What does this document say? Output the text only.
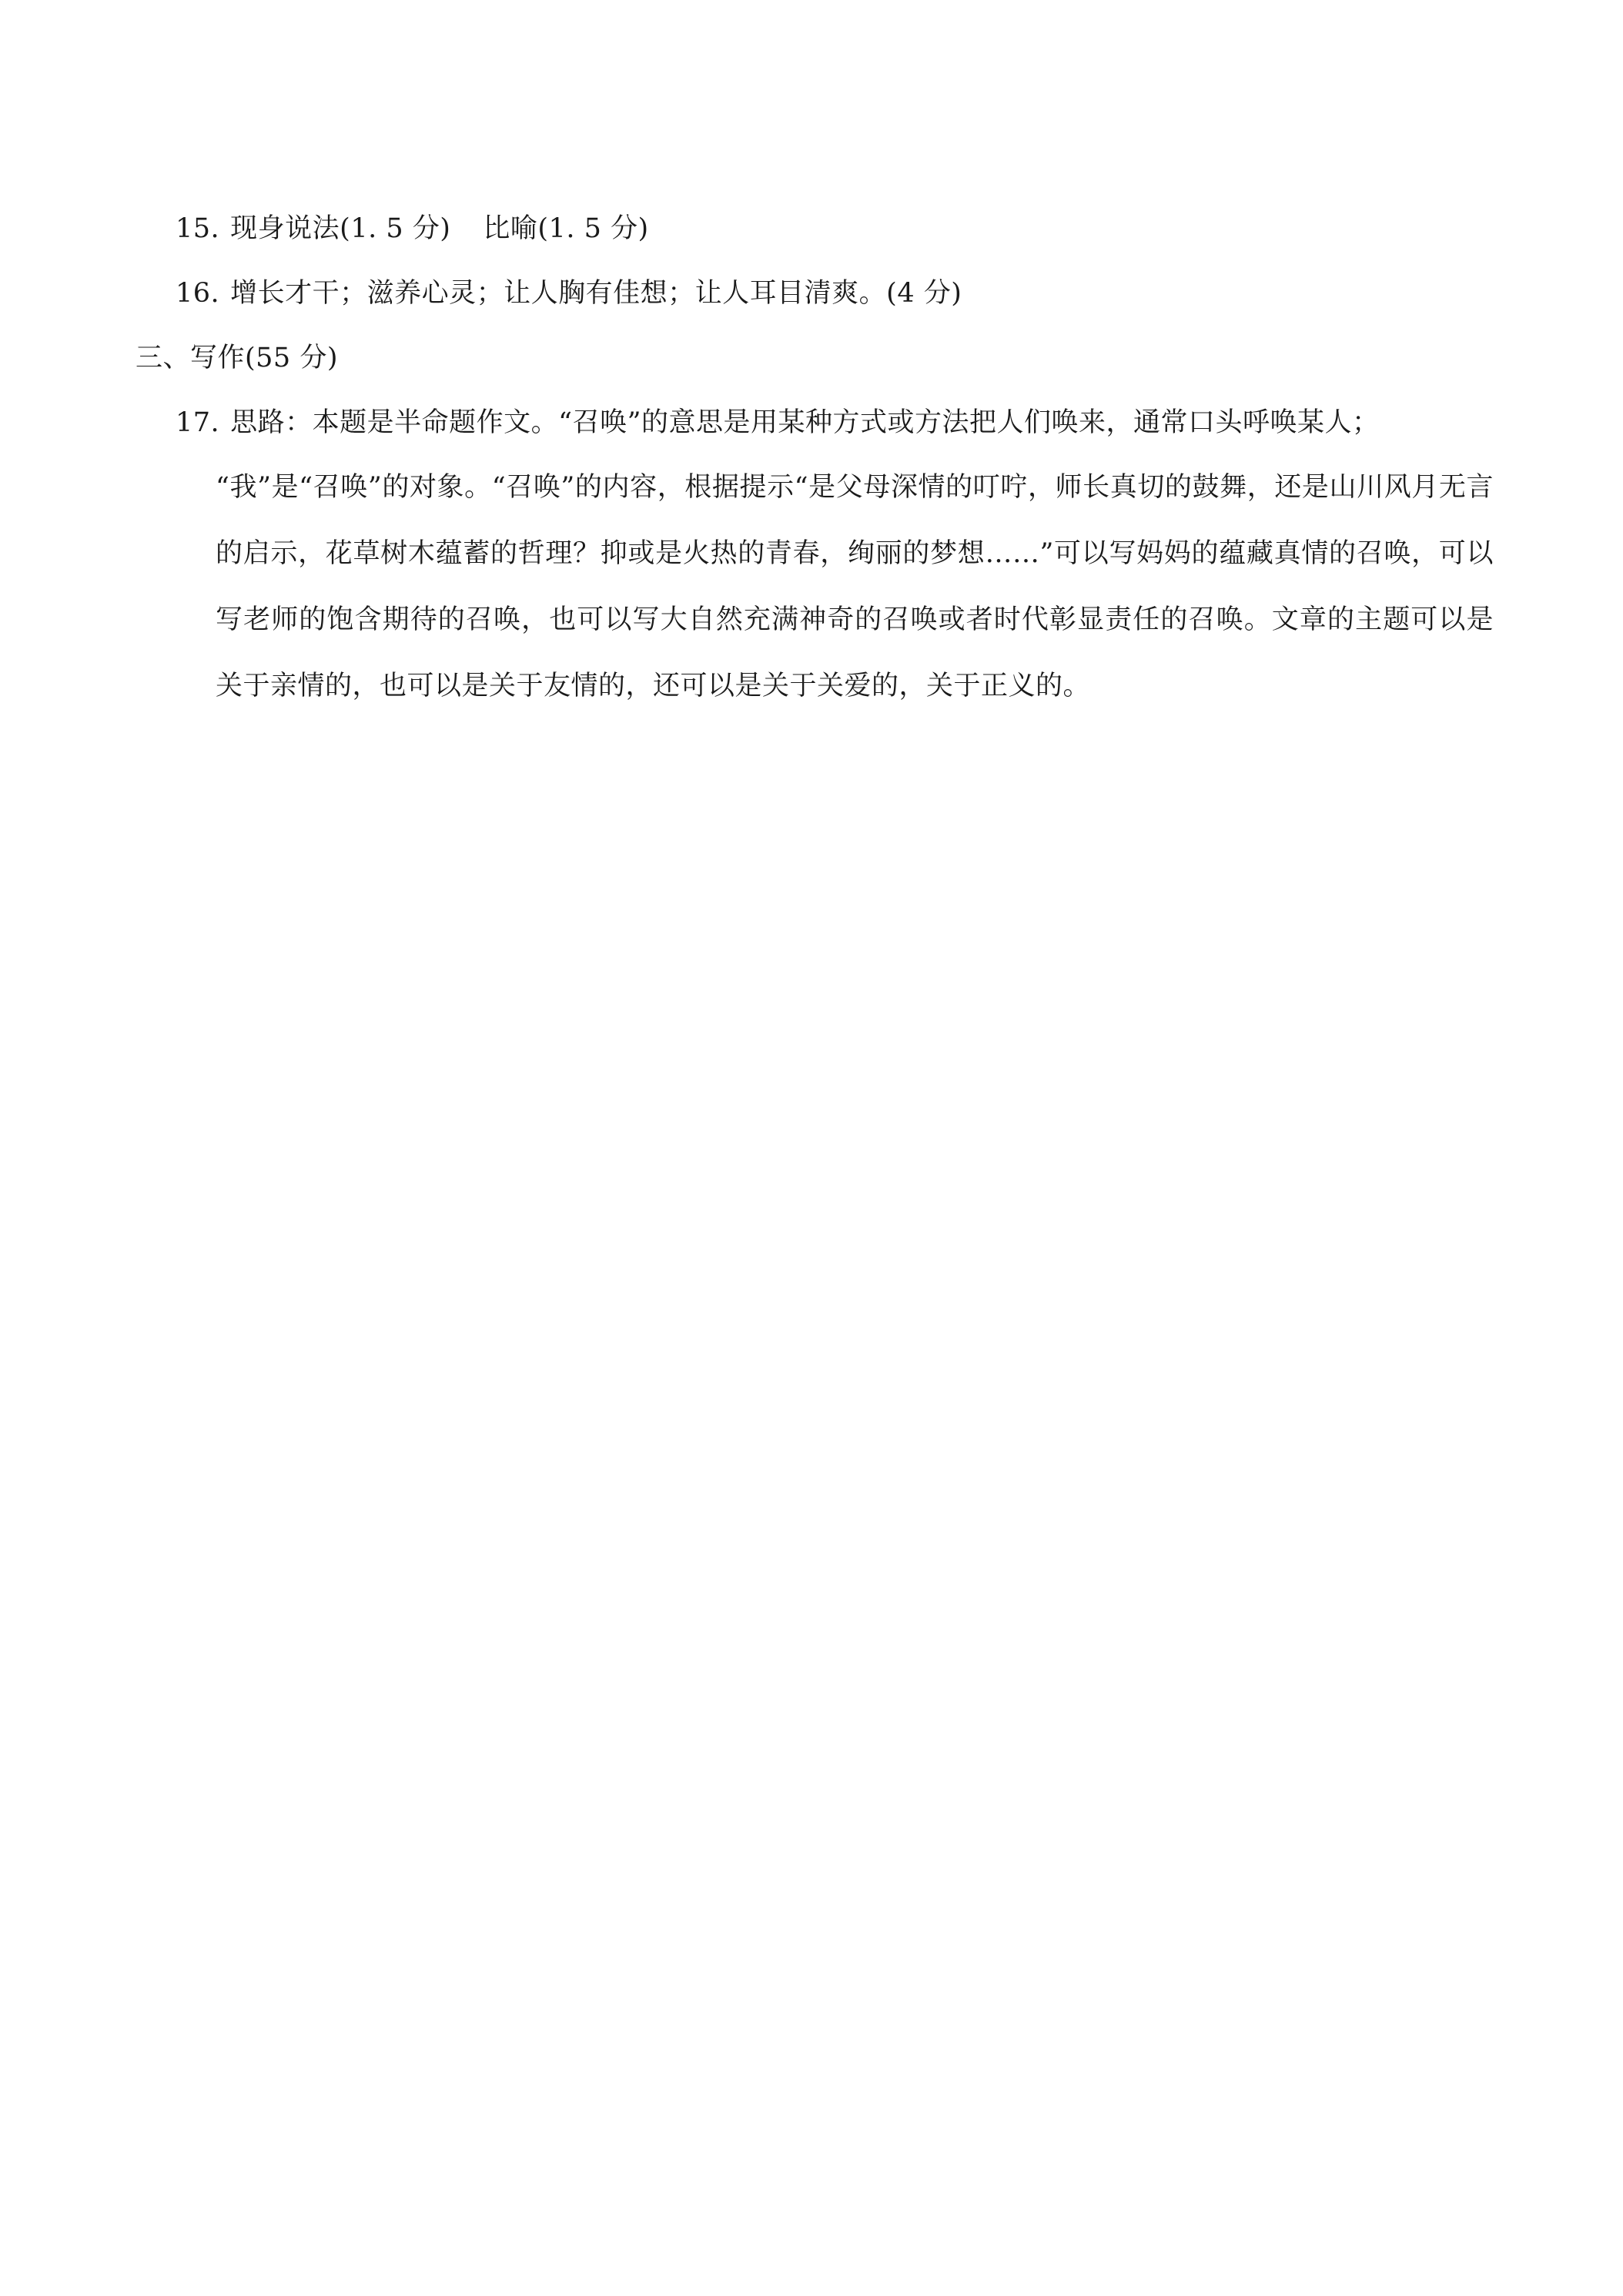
15. 现身说法(1. 5 分) 比喻(1. 5 分)
16. 增长才干；滋养心灵；让人胸有佳想；让人耳目清爽。(4 分)
三、写作(55 分)
17. 思路：本题是半命题作文。“召唤”的意思是用某种方式或方法把人们唤来，通常口头呼唤某人；
“我”是“召唤”的对象。“召唤”的内容，根据提示“是父母深情的叮咛，师长真切的鼓舞，还是山川风月无言的启示，花草树木蕴蓄的哲理？抑或是火热的青春，绚丽的梦想……”可以写妈妈的蕴藏真情的召唤，可以写老师的饱含期待的召唤，也可以写大自然充满神奇的召唤或者时代彰显责任的召唤。文章的主题可以是关于亲情的，也可以是关于友情的，还可以是关于关爱的，关于正义的。
